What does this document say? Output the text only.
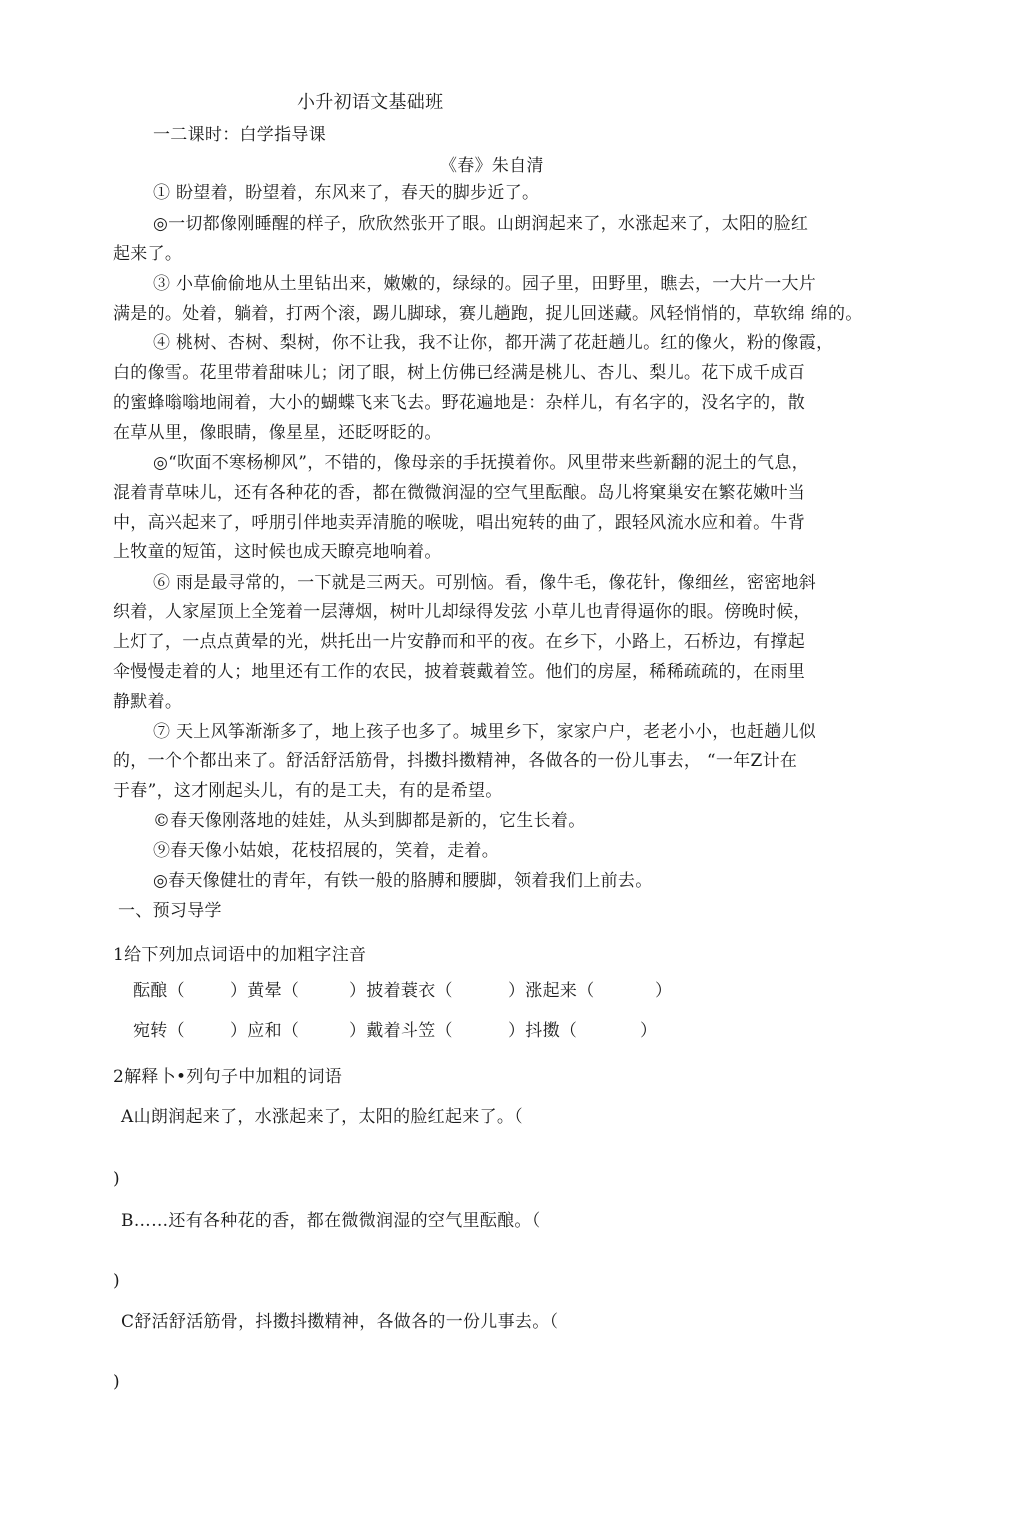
小升初语文基础班
一二课时：白学指导课
《春》朱自清
① 盼望着，盼望着，东风来了，春天的脚步近了。
◎一切都像刚睡醒的样子，欣欣然张开了眼。山朗润起来了，水涨起来了，太阳的脸红
起来了。
③ 小草偷偷地从土里钻出来，嫩嫩的，绿绿的。园子里，田野里，瞧去，一大片一大片
满是的。处着，躺着，打两个滚，踢儿脚球，赛儿趟跑，捉儿回迷藏。风轻悄悄的，草软绵 绵的。
④ 桃树、杏树、梨树，你不让我，我不让你，都开满了花赶趟儿。红的像火，粉的像霞，
白的像雪。花里带着甜味儿；闭了眼，树上仿佛已经满是桃儿、杏儿、梨儿。花下成千成百
的蜜蜂嗡嗡地闹着，大小的蝴蝶飞来飞去。野花遍地是：杂样儿，有名字的，没名字的，散
在草从里，像眼睛，像星星，还眨呀眨的。
◎“吹面不寒杨柳风”，不错的，像母亲的手抚摸着你。风里带来些新翻的泥土的气息，
混着青草味儿，还有各种花的香，都在微微润湿的空气里酝酿。岛儿将窠巢安在繁花嫩叶当
中，高兴起来了，呼朋引伴地卖弄清脆的喉咙，唱出宛转的曲了，跟轻风流水应和着。牛背
上牧童的短笛，这时候也成天瞭亮地响着。
⑥ 雨是最寻常的，一下就是三两天。可别恼。看，像牛毛，像花针，像细丝，密密地斜
织着，人家屋顶上全笼着一层薄烟，树叶儿却绿得发弦 小草儿也青得逼你的眼。傍晚时候，
上灯了，一点点黄晕的光，烘托出一片安静而和平的夜。在乡下，小路上，石桥边，有撑起
伞慢慢走着的人；地里还有工作的农民，披着蓑戴着笠。他们的房屋，稀稀疏疏的，在雨里
静默着。
⑦ 天上风筝渐渐多了，地上孩子也多了。城里乡下，家家户户，老老小小，也赶趟儿似
的，一个个都出来了。舒活舒活筋骨，抖擞抖擞精神，各做各的一份儿事去， “一年Z计在
于春”，这才刚起头儿，有的是工夫，有的是希望。
©春天像刚落地的娃娃，从头到脚都是新的，它生长着。
⑨春天像小姑娘，花枝招展的，笑着，走着。
◎春天像健壮的青年，有铁一般的胳膊和腰脚，领着我们上前去。
一、预习导学
1给下列加点词语中的加粗字注音
酝酿（	）黄晕（	）披着蓑衣（	）涨起来（	）
宛转（	）应和（	）戴着斗笠（	）抖擞（	）
2解释卜•列句子中加粗的词语
A山朗润起来了，水涨起来了，太阳的脸红起来了。（
)
B……还有各种花的香，都在微微润湿的空气里酝酿。（
)
C舒活舒活筋骨，抖擞抖擞精神，各做各的一份儿事去。（
)
